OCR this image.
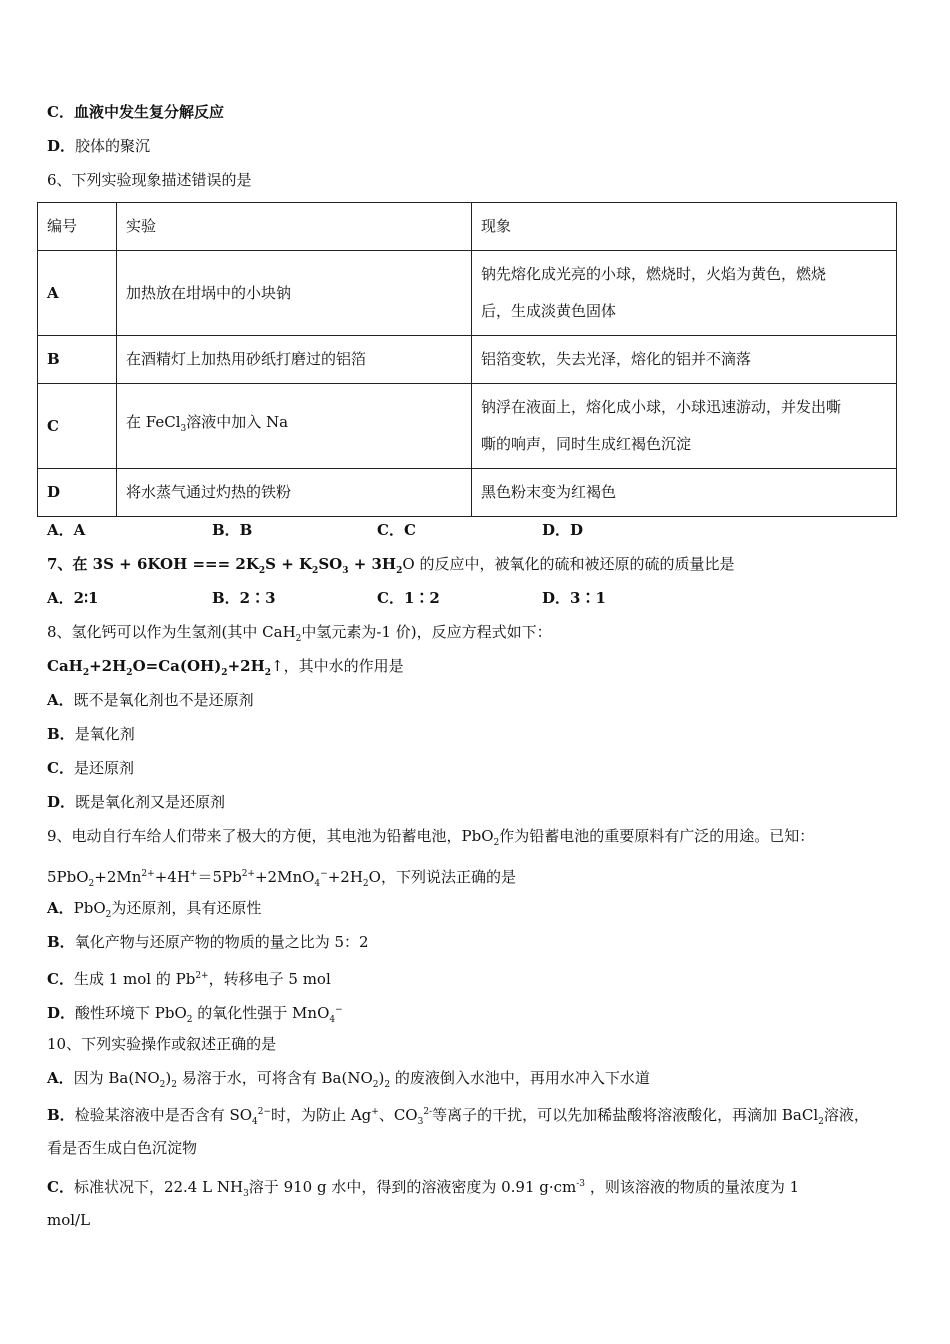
C．血液中发生复分解反应
D．胶体的聚沉
6、下列实验现象描述错误的是
编号	实验	现象
A	加热放在坩埚中的小块钠	钠先熔化成光亮的小球，燃烧时，火焰为黄色，燃烧
后，生成淡黄色固体

B	在酒精灯上加热用砂纸打磨过的铝箔	铝箔变软，失去光泽，熔化的铝并不滴落
C	在 FeCl$_3$溶液中加入 Na	钠浮在液面上，熔化成小球，小球迅速游动，并发出嘶
嘶的响声，同时生成红褐色沉淀

D	将水蒸气通过灼热的铁粉	黑色粉末变为红褐色
A．A	B．B	C．C	D．D
7、在 3S + 6KOH === $2K_2S + K_2SO_3 + 3H_2O$ 的反应中，被氧化的硫和被还原的硫的质量比是
A．2∶1	B．2∶3	C．1∶2	D．3∶1
8、氢化钙可以作为生氢剂(其中 CaH$_2$中氢元素为-1 价)，反应方程式如下：
$CaH_2+2H_2O=Ca(OH)_2+2H_2↑$，其中水的作用是
A．既不是氧化剂也不是还原剂
B．是氧化剂
C．是还原剂
D．既是氧化剂又是还原剂
9、电动自行车给人们带来了极大的方便，其电池为铅蓄电池，PbO$_2$作为铅蓄电池的重要原料有广泛的用途。已知：
$5PbO_2+2Mn^{2+}+4H^+=5Pb^{2+}+2MnO_4^-+2H_2O$，下列说法正确的是
A．PbO$_2$为还原剂，具有还原性
B．氧化产物与还原产物的物质的量之比为 5：2
C．生成 1 mol 的 $Pb^{2+}$，转移电子 5 mol
D．酸性环境下 PbO$_2$ 的氧化性强于 MnO$_4$−
10、下列实验操作或叙述正确的是
A．因为 $Ba(NO_2)_2$ 易溶于水，可将含有 $Ba(NO_2)_2$ 的废液倒入水池中，再用水冲入下水道
B．检验某溶液中是否含有 $SO_4^{2-}$时，为防止 Ag+、$CO_3^{2-}$等离子的干扰，可以先加稀盐酸将溶液酸化，再滴加 BaCl$_2$溶液，
看是否生成白色沉淀物
C．标准状况下，22.4 L $NH_3$溶于 910 g 水中，得到的溶液密度为 0.91 $g\cdot cm^{-3}$ ，则该溶液的物质的量浓度为 1
mol/L
